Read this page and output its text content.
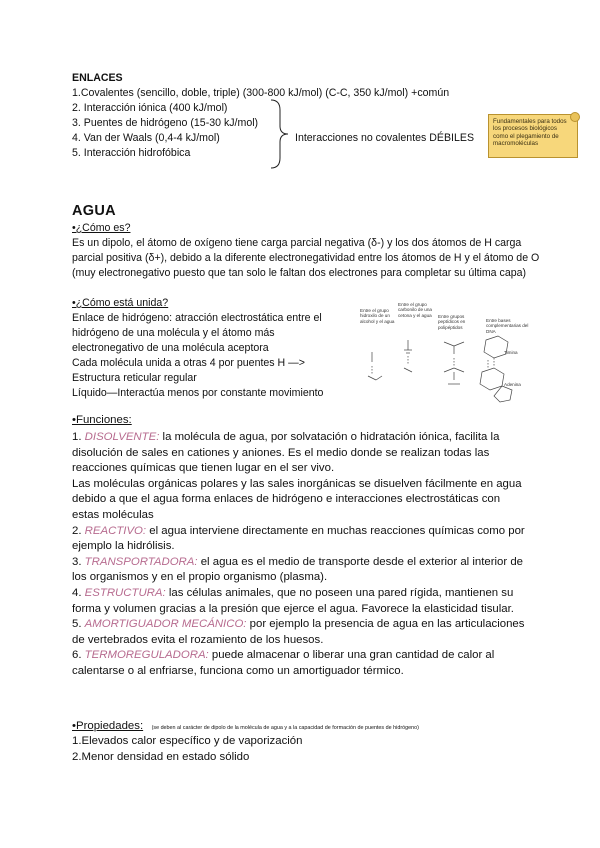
ENLACES
1.Covalentes (sencillo, doble, triple) (300-800 kJ/mol) (C-C, 350 kJ/mol) +común
2. Interacción iónica (400 kJ/mol)
3. Puentes de hidrógeno (15-30 kJ/mol)
4. Van der Waals (0,4-4 kJ/mol)
5. Interacción hidrofóbica
Interacciones no covalentes DÉBILES
Fundamentales para todos los procesos biológicos como el plegamiento de macromoléculas
AGUA
•¿Cómo es?
Es un dipolo, el átomo de oxígeno tiene carga parcial negativa (δ-) y los dos átomos de H carga
parcial positiva (δ+), debido a la diferente electronegatividad entre los átomos de H y el átomo de O
(muy electronegativo puesto que tan solo le faltan dos electrones para completar su última capa)
•¿Cómo está unida?
Enlace de hidrógeno: atracción electrostática entre el
hidrógeno de una molécula y el átomo más
electronegativo de una molécula aceptora
Cada molécula unida a otras 4 por puentes H —>
Estructura reticular regular
Líquido—Interactúa menos por constante movimiento
Entre el grupo hidroxilo de un alcohol y el agua
Entre el grupo carbonilo de una cetona y el agua Entre grupos peptídicos en polipéptidos
Entre bases complementarias del DNA
Timina
Adenina
•Funciones:
1. DISOLVENTE: la molécula de agua, por solvatación o hidratación iónica, facilita la disolución de sales en cationes y aniones. Es el medio donde se realizan todas las reacciones químicas que tienen lugar en el ser vivo.
Las moléculas orgánicas polares y las sales inorgánicas se disuelven fácilmente en agua debido a que el agua forma enlaces de hidrógeno e interacciones electrostáticas con estas moléculas
2. REACTIVO: el agua interviene directamente en muchas reacciones químicas como por ejemplo la hidrólisis.
3. TRANSPORTADORA: el agua es el medio de transporte desde el exterior al interior de los organismos y en el propio organismo (plasma).
4. ESTRUCTURA: las células animales, que no poseen una pared rígida, mantienen su forma y volumen gracias a la presión que ejerce el agua. Favorece la elasticidad tisular.
5. AMORTIGUADOR MECÁNICO: por ejemplo la presencia de agua en las articulaciones de vertebrados evita el rozamiento de los huesos.
6. TERMOREGULADORA: puede almacenar o liberar una gran cantidad de calor al calentarse o al enfriarse, funciona como un amortiguador térmico.
•Propiedades: (se deben al carácter de dipolo de la molécula de agua y a la capacidad de formación de puentes de hidrógeno)
1.Elevados calor específico y de vaporización
2.Menor densidad en estado sólido
